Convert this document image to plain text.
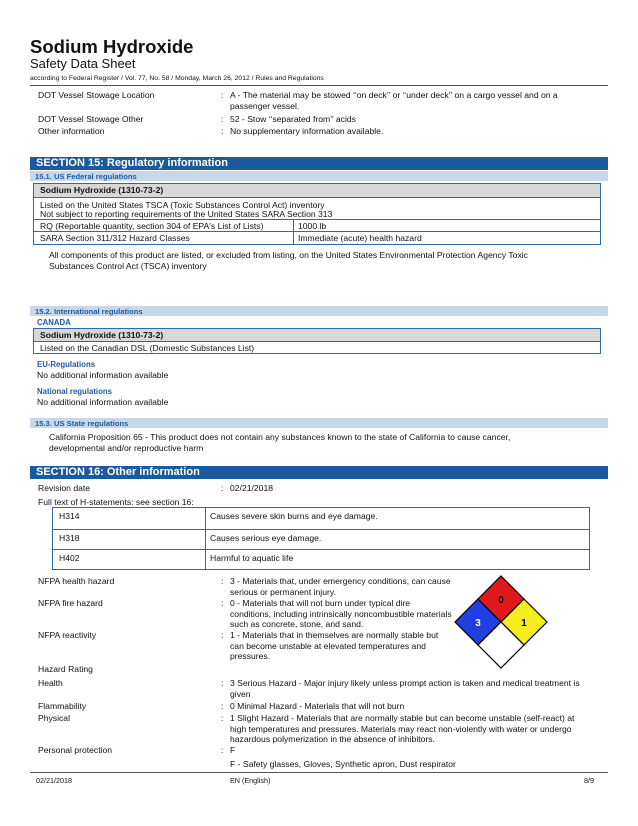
Sodium Hydroxide
Safety Data Sheet
according to Federal Register / Vol. 77, No. 58 / Monday, March 26, 2012 / Rules and Regulations
DOT Vessel Stowage Location	: A - The material may be stowed ‘‘on deck’’ or ‘‘under deck’’ on a cargo vessel and on a passenger vessel.
DOT Vessel Stowage Other	: 52 - Stow ‘‘separated from’’ acids
Other information	: No supplementary information available.
SECTION 15: Regulatory information
15.1. US Federal regulations
Sodium Hydroxide (1310-73-2)
Listed on the United States TSCA (Toxic Substances Control Act) inventory
Not subject to reporting requirements of the United States SARA Section 313
RQ (Reportable quantity, section 304 of EPA's List of Lists)	1000 lb
SARA Section 311/312 Hazard Classes	Immediate (acute) health hazard
All components of this product are listed, or excluded from listing, on the United States Environmental Protection Agency Toxic Substances Control Act (TSCA) inventory
15.2. International regulations
CANADA
Sodium Hydroxide (1310-73-2)
Listed on the Canadian DSL (Domestic Substances List)
EU-Regulations
No additional information available
National regulations
No additional information available
15.3. US State regulations
California Proposition 65 - This product does not contain any substances known to the state of California to cause cancer, developmental and/or reproductive harm
SECTION 16: Other information
Revision date	: 02/21/2018
Full text of H-statements: see section 16:
H314	Causes severe skin burns and eye damage.
H318	Causes serious eye damage.
H402	Harmful to aquatic life
NFPA health hazard	: 3 - Materials that, under emergency conditions, can cause serious or permanent injury.
NFPA fire hazard	: 0 - Materials that will not burn under typical dire conditions, including intrinsically noncombustible materials such as concrete, stone, and sand.
NFPA reactivity	: 1 - Materials that in themselves are normally stable but can become unstable at elevated temperatures and pressures.
0
3	1
Hazard Rating
Health	: 3 Serious Hazard - Major injury likely unless prompt action is taken and medical treatment is given
Flammability	: 0 Minimal Hazard - Materials that will not burn
Physical	: 1 Slight Hazard - Materials that are normally stable but can become unstable (self-react) at high temperatures and pressures. Materials may react non-violently with water or undergo hazardous polymerization in the absence of inhibitors.
Personal protection	: F
F - Safety glasses, Gloves, Synthetic apron, Dust respirator
02/21/2018	EN (English)	8/9
